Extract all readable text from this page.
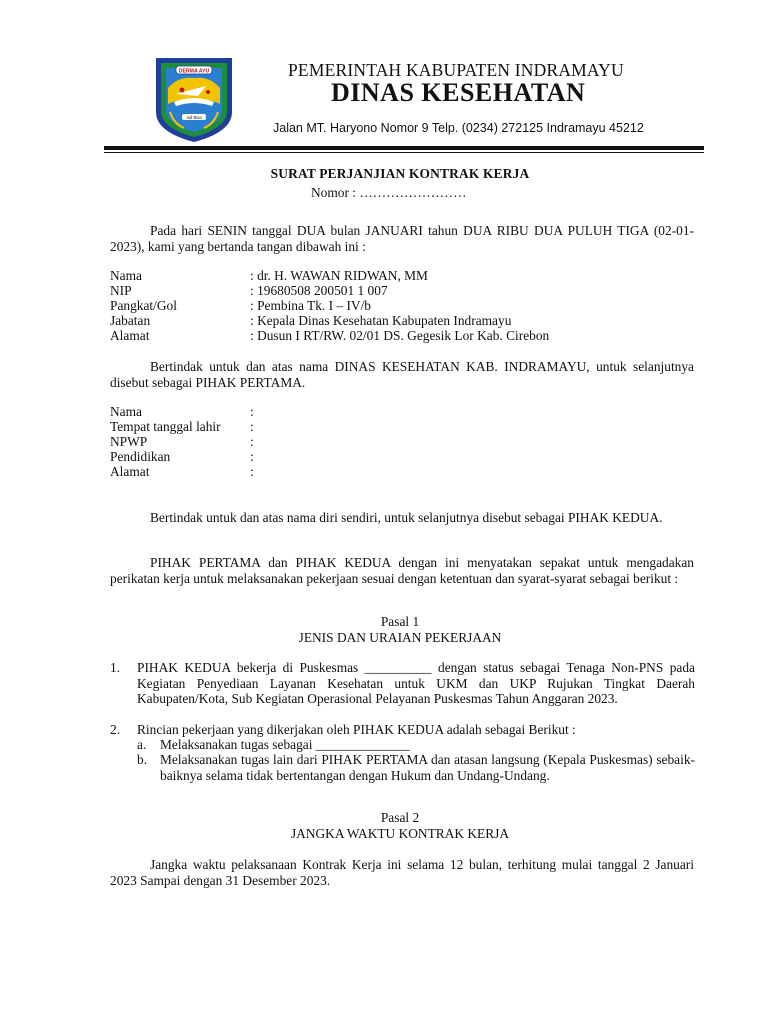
DERMA AYU
Adi Bisa
PEMERINTAH KABUPATEN INDRAMAYU
DINAS KESEHATAN
Jalan MT. Haryono Nomor 9 Telp. (0234) 272125 Indramayu 45212
SURAT PERJANJIAN KONTRAK KERJA
Nomor : ……………………
Pada hari SENIN tanggal DUA bulan JANUARI tahun DUA RIBU DUA PULUH TIGA (02-01-2023), kami yang bertanda tangan dibawah ini :
Nama	: dr. H. WAWAN RIDWAN, MM
NIP	: 19680508 200501 1 007
Pangkat/Gol	: Pembina Tk. I – IV/b
Jabatan	: Kepala Dinas Kesehatan Kabupaten Indramayu
Alamat	: Dusun I RT/RW. 02/01 DS. Gegesik Lor Kab. Cirebon
Bertindak untuk dan atas nama DINAS KESEHATAN KAB. INDRAMAYU, untuk selanjutnya disebut sebagai PIHAK PERTAMA.
Nama	:
Tempat tanggal lahir	:
NPWP	:
Pendidikan	:
Alamat	:
Bertindak untuk dan atas nama diri sendiri, untuk selanjutnya disebut sebagai PIHAK KEDUA.
PIHAK PERTAMA dan PIHAK KEDUA dengan ini menyatakan sepakat untuk mengadakan perikatan kerja untuk melaksanakan pekerjaan sesuai dengan ketentuan dan syarat-syarat sebagai berikut :
Pasal 1
JENIS DAN URAIAN PEKERJAAN
1. PIHAK KEDUA bekerja di Puskesmas __________ dengan status sebagai Tenaga Non-PNS pada Kegiatan Penyediaan Layanan Kesehatan untuk UKM dan UKP Rujukan Tingkat Daerah Kabupaten/Kota, Sub Kegiatan Operasional Pelayanan Puskesmas Tahun Anggaran 2023.
2. Rincian pekerjaan yang dikerjakan oleh PIHAK KEDUA adalah sebagai Berikut :
a. Melaksanakan tugas sebagai ______________
b. Melaksanakan tugas lain dari PIHAK PERTAMA dan atasan langsung (Kepala Puskesmas) sebaik-baiknya selama tidak bertentangan dengan Hukum dan Undang-Undang.
Pasal 2
JANGKA WAKTU KONTRAK KERJA
Jangka waktu pelaksanaan Kontrak Kerja ini selama 12 bulan, terhitung mulai tanggal 2 Januari 2023 Sampai dengan 31 Desember 2023.
